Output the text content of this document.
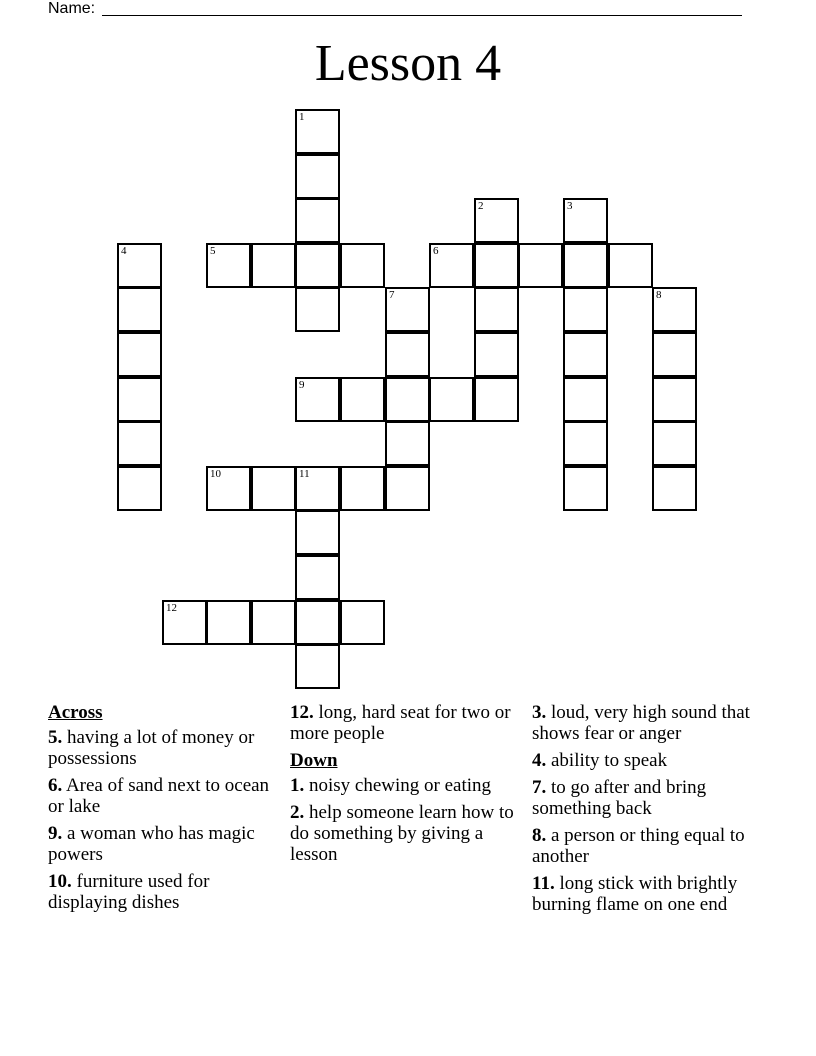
Name:
Lesson 4
1
2	3
4	5	6
7	8
9
10	11
12
Across
5. having a lot of money or possessions
6. Area of sand next to ocean or lake
9. a woman who has magic powers
10. furniture used for displaying dishes
12. long, hard seat for two or more people
Down
1. noisy chewing or eating
2. help someone learn how to do something by giving a lesson
3. loud, very high sound that shows fear or anger
4. ability to speak
7. to go after and bring something back
8. a person or thing equal to another
11. long stick with brightly burning flame on one end
